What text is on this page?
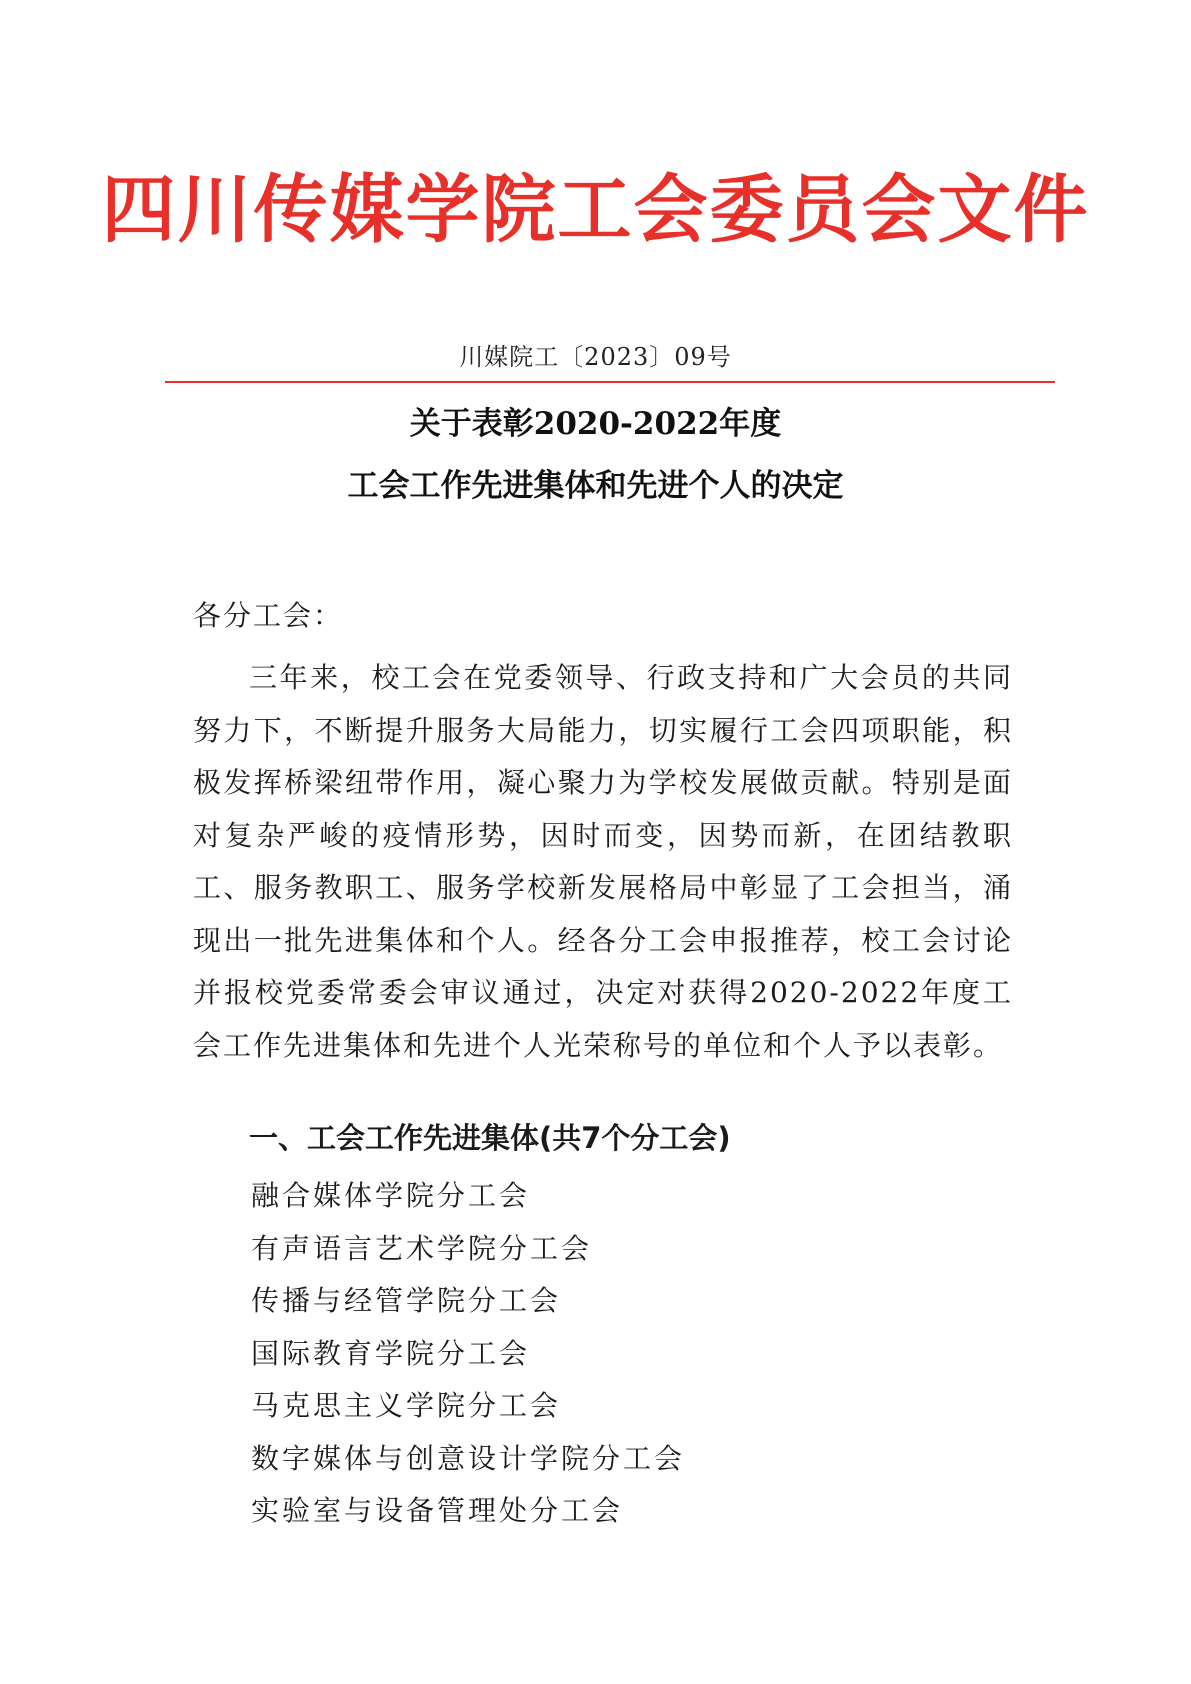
四川传媒学院工会委员会文件
川媒院工〔2023〕09号
关于表彰2020-2022年度
工会工作先进集体和先进个人的决定
各分工会：
三年来，校工会在党委领导、行政支持和广大会员的共同努力下，不断提升服务大局能力，切实履行工会四项职能，积极发挥桥梁纽带作用，凝心聚力为学校发展做贡献。特别是面对复杂严峻的疫情形势，因时而变，因势而新，在团结教职工、服务教职工、服务学校新发展格局中彰显了工会担当，涌现出一批先进集体和个人。经各分工会申报推荐，校工会讨论并报校党委常委会审议通过，决定对获得2020-2022年度工会工作先进集体和先进个人光荣称号的单位和个人予以表彰。
一、工会工作先进集体(共7个分工会)
融合媒体学院分工会
有声语言艺术学院分工会
传播与经管学院分工会
国际教育学院分工会
马克思主义学院分工会
数字媒体与创意设计学院分工会
实验室与设备管理处分工会
